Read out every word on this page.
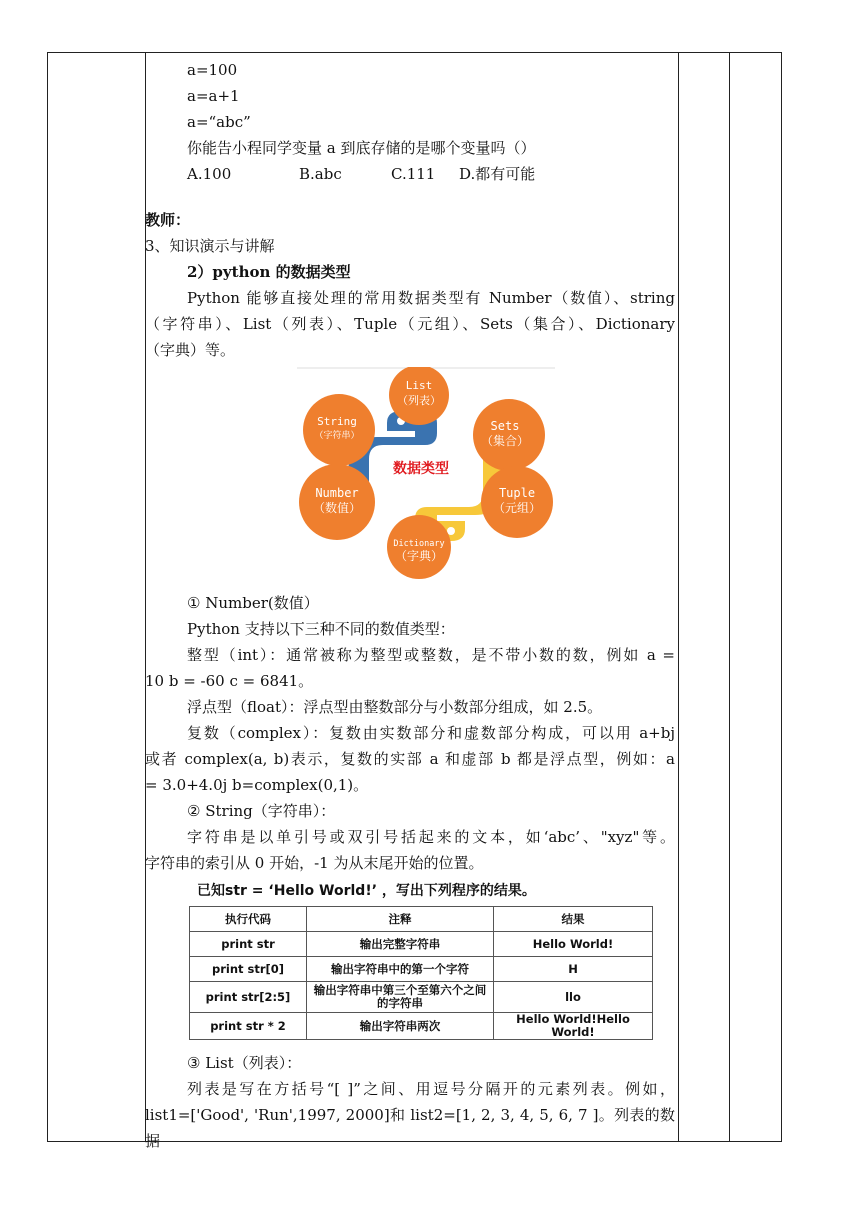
a=100
a=a+1
a=“abc”
你能告小程同学变量 a 到底存储的是哪个变量吗（）
A.100	B.abc	C.111 D.都有可能
教师：
3、知识演示与讲解
2）python 的数据类型
Python 能够直接处理的常用数据类型有 Number（数值）、string
（字符串）、List（列表）、Tuple（元组）、Sets（集合）、Dictionary
（字典）等。
数据类型
List
（列表）
String
（字符串）
Sets
（集合）
Number
（数值）
Tuple
（元组）
Dictionary
（字典）
① Number(数值）
Python 支持以下三种不同的数值类型：
整型（int）：通常被称为整型或整数，是不带小数的数，例如 a =
10 b = -60 c = 6841。
浮点型（float）：浮点型由整数部分与小数部分组成，如 2.5。
复数（complex）：复数由实数部分和虚数部分构成，可以用 a+bj
或者 complex(a, b)表示，复数的实部 a 和虚部 b 都是浮点型，例如：a
= 3.0+4.0j b=complex(0,1)。
② String（字符串）：
字符串是以单引号或双引号括起来的文本，如‘abc’、"xyz"等。
字符串的索引从 0 开始，-1 为从末尾开始的位置。
已知str = ‘Hello World!’ ，写出下列程序的结果。
执行代码	注释	结果
print str	输出完整字符串	Hello World!
print str[0]	输出字符串中的第一个字符	H
print str[2:5]	输出字符串中第三个至第六个之间的字符串	llo
print str * 2	输出字符串两次	Hello World!Hello World!
③ List（列表）：
列表是写在方括号“[ ]”之间、用逗号分隔开的元素列表。例如，
list1=['Good', 'Run',1997, 2000]和 list2=[1, 2, 3, 4, 5, 6, 7 ]。列表的数据
